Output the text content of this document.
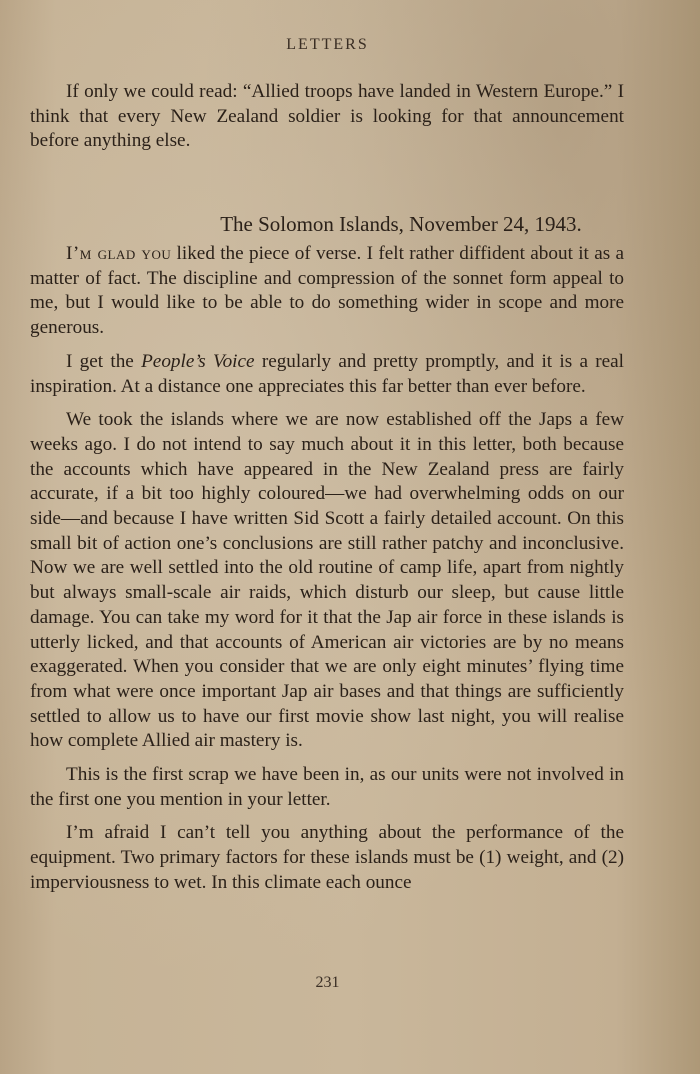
LETTERS

If only we could read: “Allied troops have landed in Western Europe.” I think that every New Zealand soldier is looking for that announcement before anything else.

The Solomon Islands, November 24, 1943.

I’m glad you liked the piece of verse. I felt rather diffident about it as a matter of fact. The discipline and compression of the sonnet form appeal to me, but I would like to be able to do something wider in scope and more generous.

I get the People’s Voice regularly and pretty promptly, and it is a real inspiration. At a distance one appreciates this far better than ever before.

We took the islands where we are now established off the Japs a few weeks ago. I do not intend to say much about it in this letter, both because the accounts which have appeared in the New Zealand press are fairly accurate, if a bit too highly coloured—we had overwhelming odds on our side—and because I have written Sid Scott a fairly detailed account. On this small bit of action one’s conclusions are still rather patchy and inconclusive. Now we are well settled into the old routine of camp life, apart from nightly but always small-scale air raids, which disturb our sleep, but cause little damage. You can take my word for it that the Jap air force in these islands is utterly licked, and that accounts of American air victories are by no means exaggerated. When you consider that we are only eight minutes’ flying time from what were once important Jap air bases and that things are sufficiently settled to allow us to have our first movie show last night, you will realise how complete Allied air mastery is.

This is the first scrap we have been in, as our units were not involved in the first one you mention in your letter.

I’m afraid I can’t tell you anything about the performance of the equipment. Two primary factors for these islands must be (1) weight, and (2) imperviousness to wet. In this climate each ounce

231
